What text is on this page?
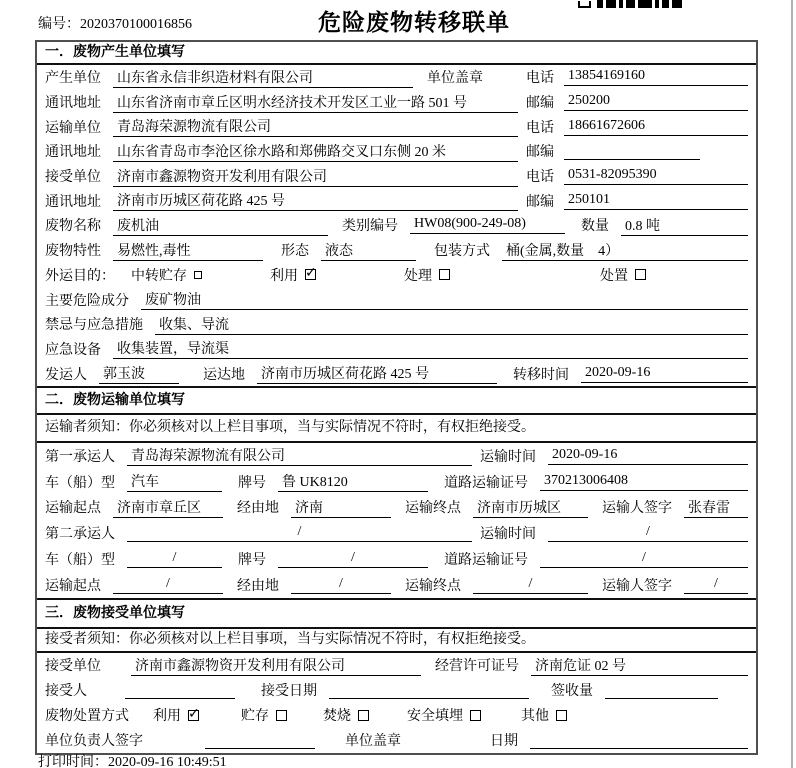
编号：2020370100016856	危险废物转移联单
一．废物产生单位填写
产生单位 山东省永信非织造材料有限公司	单位盖章	电话 13854169160
通讯地址 山东省济南市章丘区明水经济技术开发区工业一路 501 号	邮编 250200
运输单位 青岛海荣源物流有限公司	电话 18661672606
通讯地址 山东省青岛市李沧区徐水路和郑佛路交叉口东侧 20 米	邮编
接受单位 济南市鑫源物资开发利用有限公司	电话 0531-82095390
通讯地址 济南市历城区荷花路 425 号	邮编 250101
废物名称 废机油	类别编号 HW08(900-249-08)	数量 0.8 吨
废物特性 易燃性,毒性	形态 液态	包装方式 桶(金属,数量　4）
外运目的： 中转贮存	利用 ✓	处理	处置
主要危险成分 废矿物油
禁忌与应急措施 收集、导流
应急设备 收集装置，导流渠
发运人 郭玉波	运达地 济南市历城区荷花路 425 号	转移时间 2020-09-16
二．废物运输单位填写
运输者须知：你必须核对以上栏目事项，当与实际情况不符时，有权拒绝接受。
第一承运人 青岛海荣源物流有限公司	运输时间 2020-09-16
车（船）型 汽车	牌号 鲁 UK8120	道路运输证号 370213006408
运输起点 济南市章丘区	经由地 济南	运输终点 济南市历城区	运输人签字 张春雷
第二承运人	/	运输时间	/
车（船）型	/	牌号	/	道路运输证号	/
运输起点	/	经由地	/	运输终点	/	运输人签字	/
三．废物接受单位填写
接受者须知：你必须核对以上栏目事项，当与实际情况不符时，有权拒绝接受。
接受单位 济南市鑫源物资开发利用有限公司	经营许可证号 济南危证 02 号
接受人	接受日期	签收量
废物处置方式 利用 ✓	贮存	焚烧	安全填埋	其他
单位负责人签字	单位盖章	日期
打印时间：2020-09-16 10:49:51
